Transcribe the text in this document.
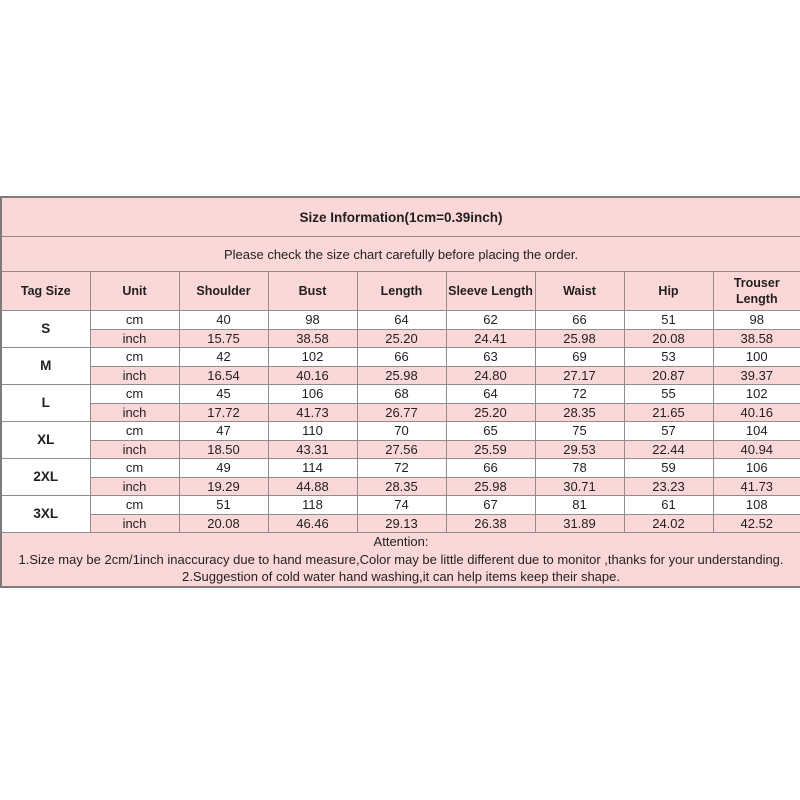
Size Information(1cm=0.39inch)								
Please check the size chart carefully before placing the order.								
Tag Size	Unit	Shoulder	Bust	Length	Sleeve Length	Waist	Hip	Trouser Length
S	cm	40	98	64	62	66	51	98
	inch	15.75	38.58	25.20	24.41	25.98	20.08	38.58
M	cm	42	102	66	63	69	53	100
	inch	16.54	40.16	25.98	24.80	27.17	20.87	39.37
L	cm	45	106	68	64	72	55	102
	inch	17.72	41.73	26.77	25.20	28.35	21.65	40.16
XL	cm	47	110	70	65	75	57	104
	inch	18.50	43.31	27.56	25.59	29.53	22.44	40.94
2XL	cm	49	114	72	66	78	59	106
	inch	19.29	44.88	28.35	25.98	30.71	23.23	41.73
3XL	cm	51	118	74	67	81	61	108
	inch	20.08	46.46	29.13	26.38	31.89	24.02	42.52

Attention:
1.Size may be 2cm/1inch inaccuracy due to hand measure,Color may be little different due to monitor ,thanks for your understanding.
2.Suggestion of cold water hand washing,it can help items keep their shape.								
